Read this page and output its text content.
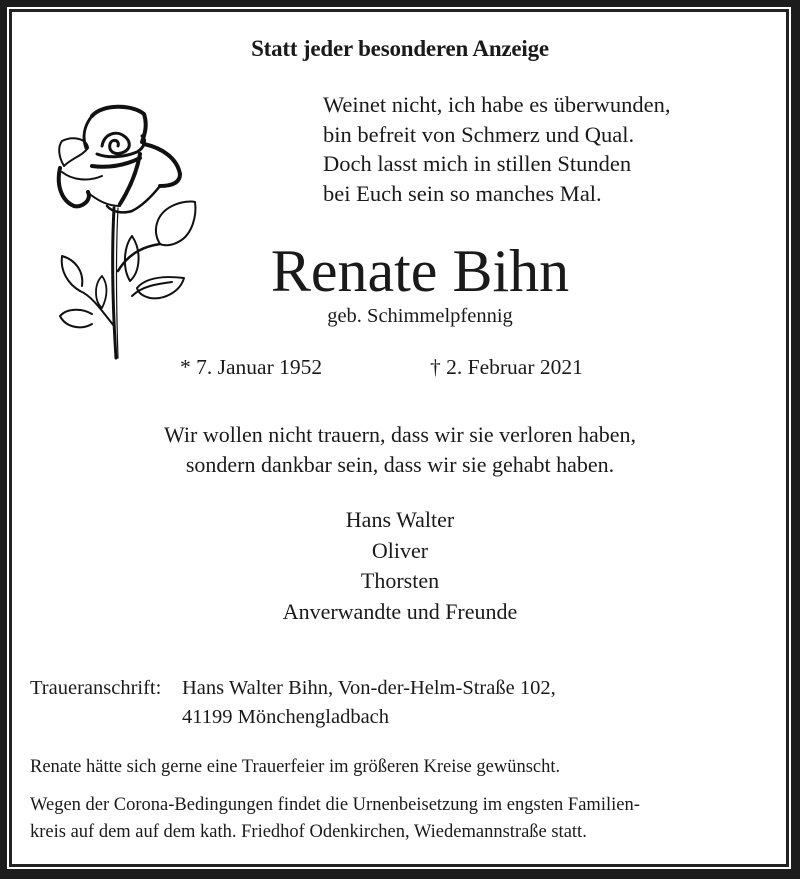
Statt jeder besonderen Anzeige
Weinet nicht, ich habe es überwunden,
bin befreit von Schmerz und Qual.
Doch lasst mich in stillen Stunden
bei Euch sein so manches Mal.
Renate Bihn
geb. Schimmelpfennig
* 7. Januar 1952	† 2. Februar 2021
Wir wollen nicht trauern, dass wir sie verloren haben,
sondern dankbar sein, dass wir sie gehabt haben.
Hans Walter
Oliver
Thorsten
Anverwandte und Freunde
Traueranschrift:	Hans Walter Bihn, Von-der-Helm-Straße 102,
41199 Mönchengladbach
Renate hätte sich gerne eine Trauerfeier im größeren Kreise gewünscht.
Wegen der Corona-Bedingungen findet die Urnenbeisetzung im engsten Familien-
kreis auf dem auf dem kath. Friedhof Odenkirchen, Wiedemannstraße statt.
